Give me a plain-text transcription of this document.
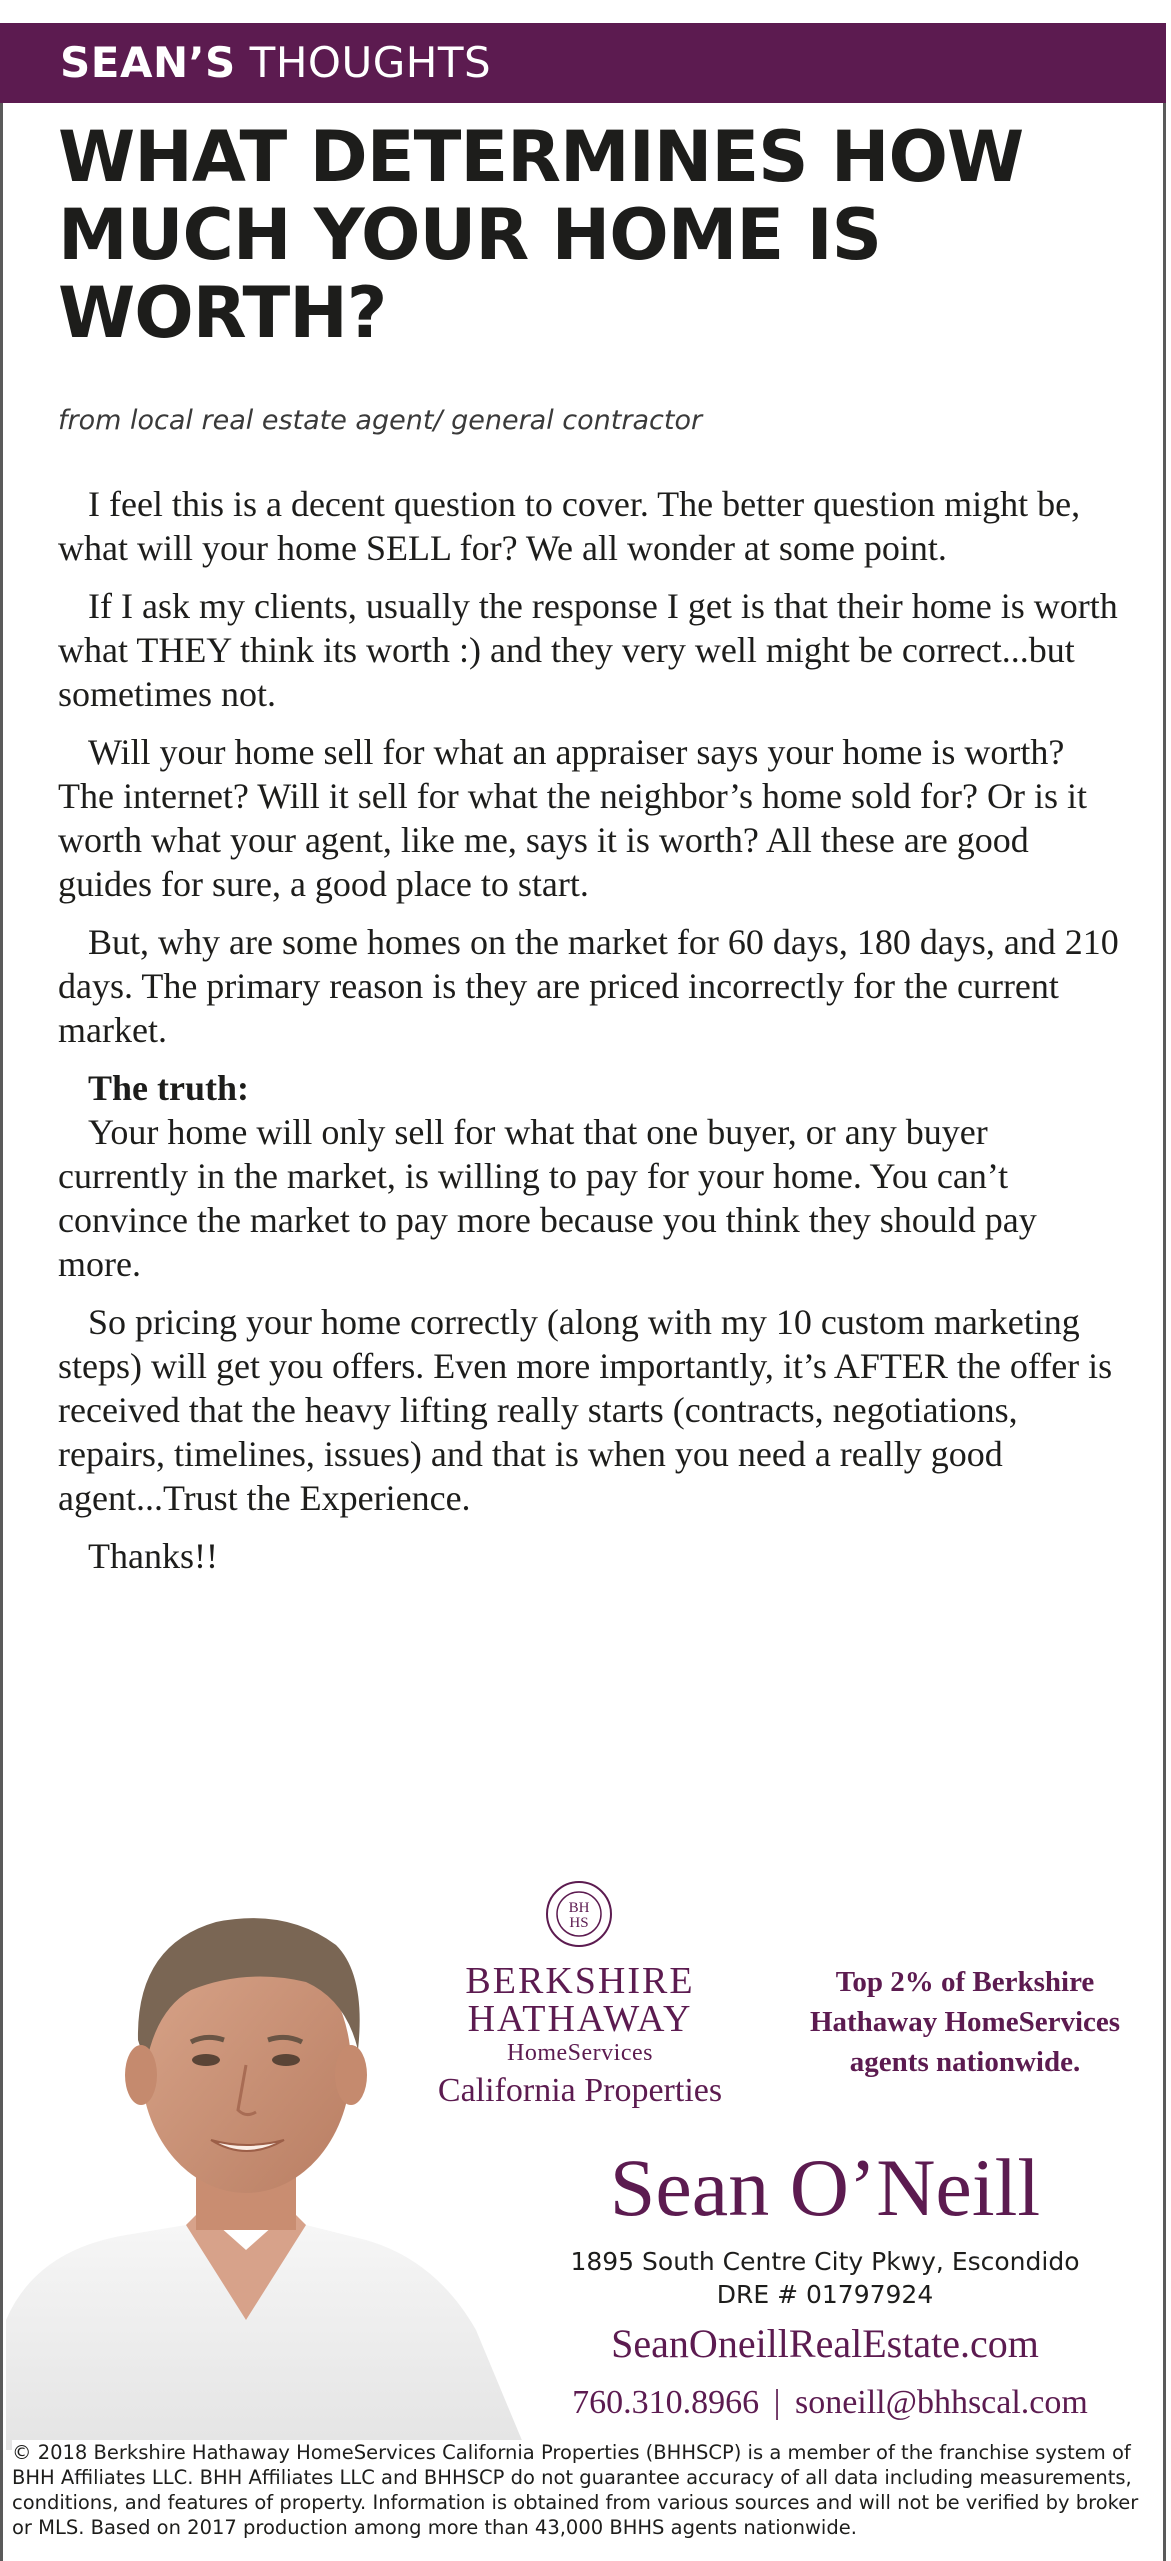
SEAN’S THOUGHTS
WHAT DETERMINES HOW MUCH YOUR HOME IS WORTH?
from local real estate agent/ general contractor

I feel this is a decent question to cover. The better question might be, what will your home SELL for? We all wonder at some point.

If I ask my clients, usually the response I get is that their home is worth what THEY think its worth :) and they very well might be correct...but sometimes not.

Will your home sell for what an appraiser says your home is worth? The internet? Will it sell for what the neighbor’s home sold for? Or is it worth what your agent, like me, says it is worth? All these are good guides for sure, a good place to start.

But, why are some homes on the market for 60 days, 180 days, and 210 days. The primary reason is they are priced incorrectly for the current market.

The truth:

Your home will only sell for what that one buyer, or any buyer currently in the market, is willing to pay for your home. You can’t convince the market to pay more because you think they should pay more.

So pricing your home correctly (along with my 10 custom marketing steps) will get you offers. Even more importantly, it’s AFTER the offer is received that the heavy lifting really starts (contracts, negotiations, repairs, timelines, issues) and that is when you need a really good agent...Trust the Experience.

Thanks!!

BH
HS
BERKSHIRE
HATHAWAY
HomeServices
California Properties
Top 2% of Berkshire Hathaway HomeServices agents nationwide.
Sean O’Neill
1895 South Centre City Pkwy, Escondido
DRE # 01797924
SeanOneillRealEstate.com
760.310.8966 | soneill@bhhscal.com
© 2018 Berkshire Hathaway HomeServices California Properties (BHHSCP) is a member of the franchise system of BHH Affiliates LLC. BHH Affiliates LLC and BHHSCP do not guarantee accuracy of all data including measurements, conditions, and features of property. Information is obtained from various sources and will not be verified by broker or MLS. Based on 2017 production among more than 43,000 BHHS agents nationwide.
